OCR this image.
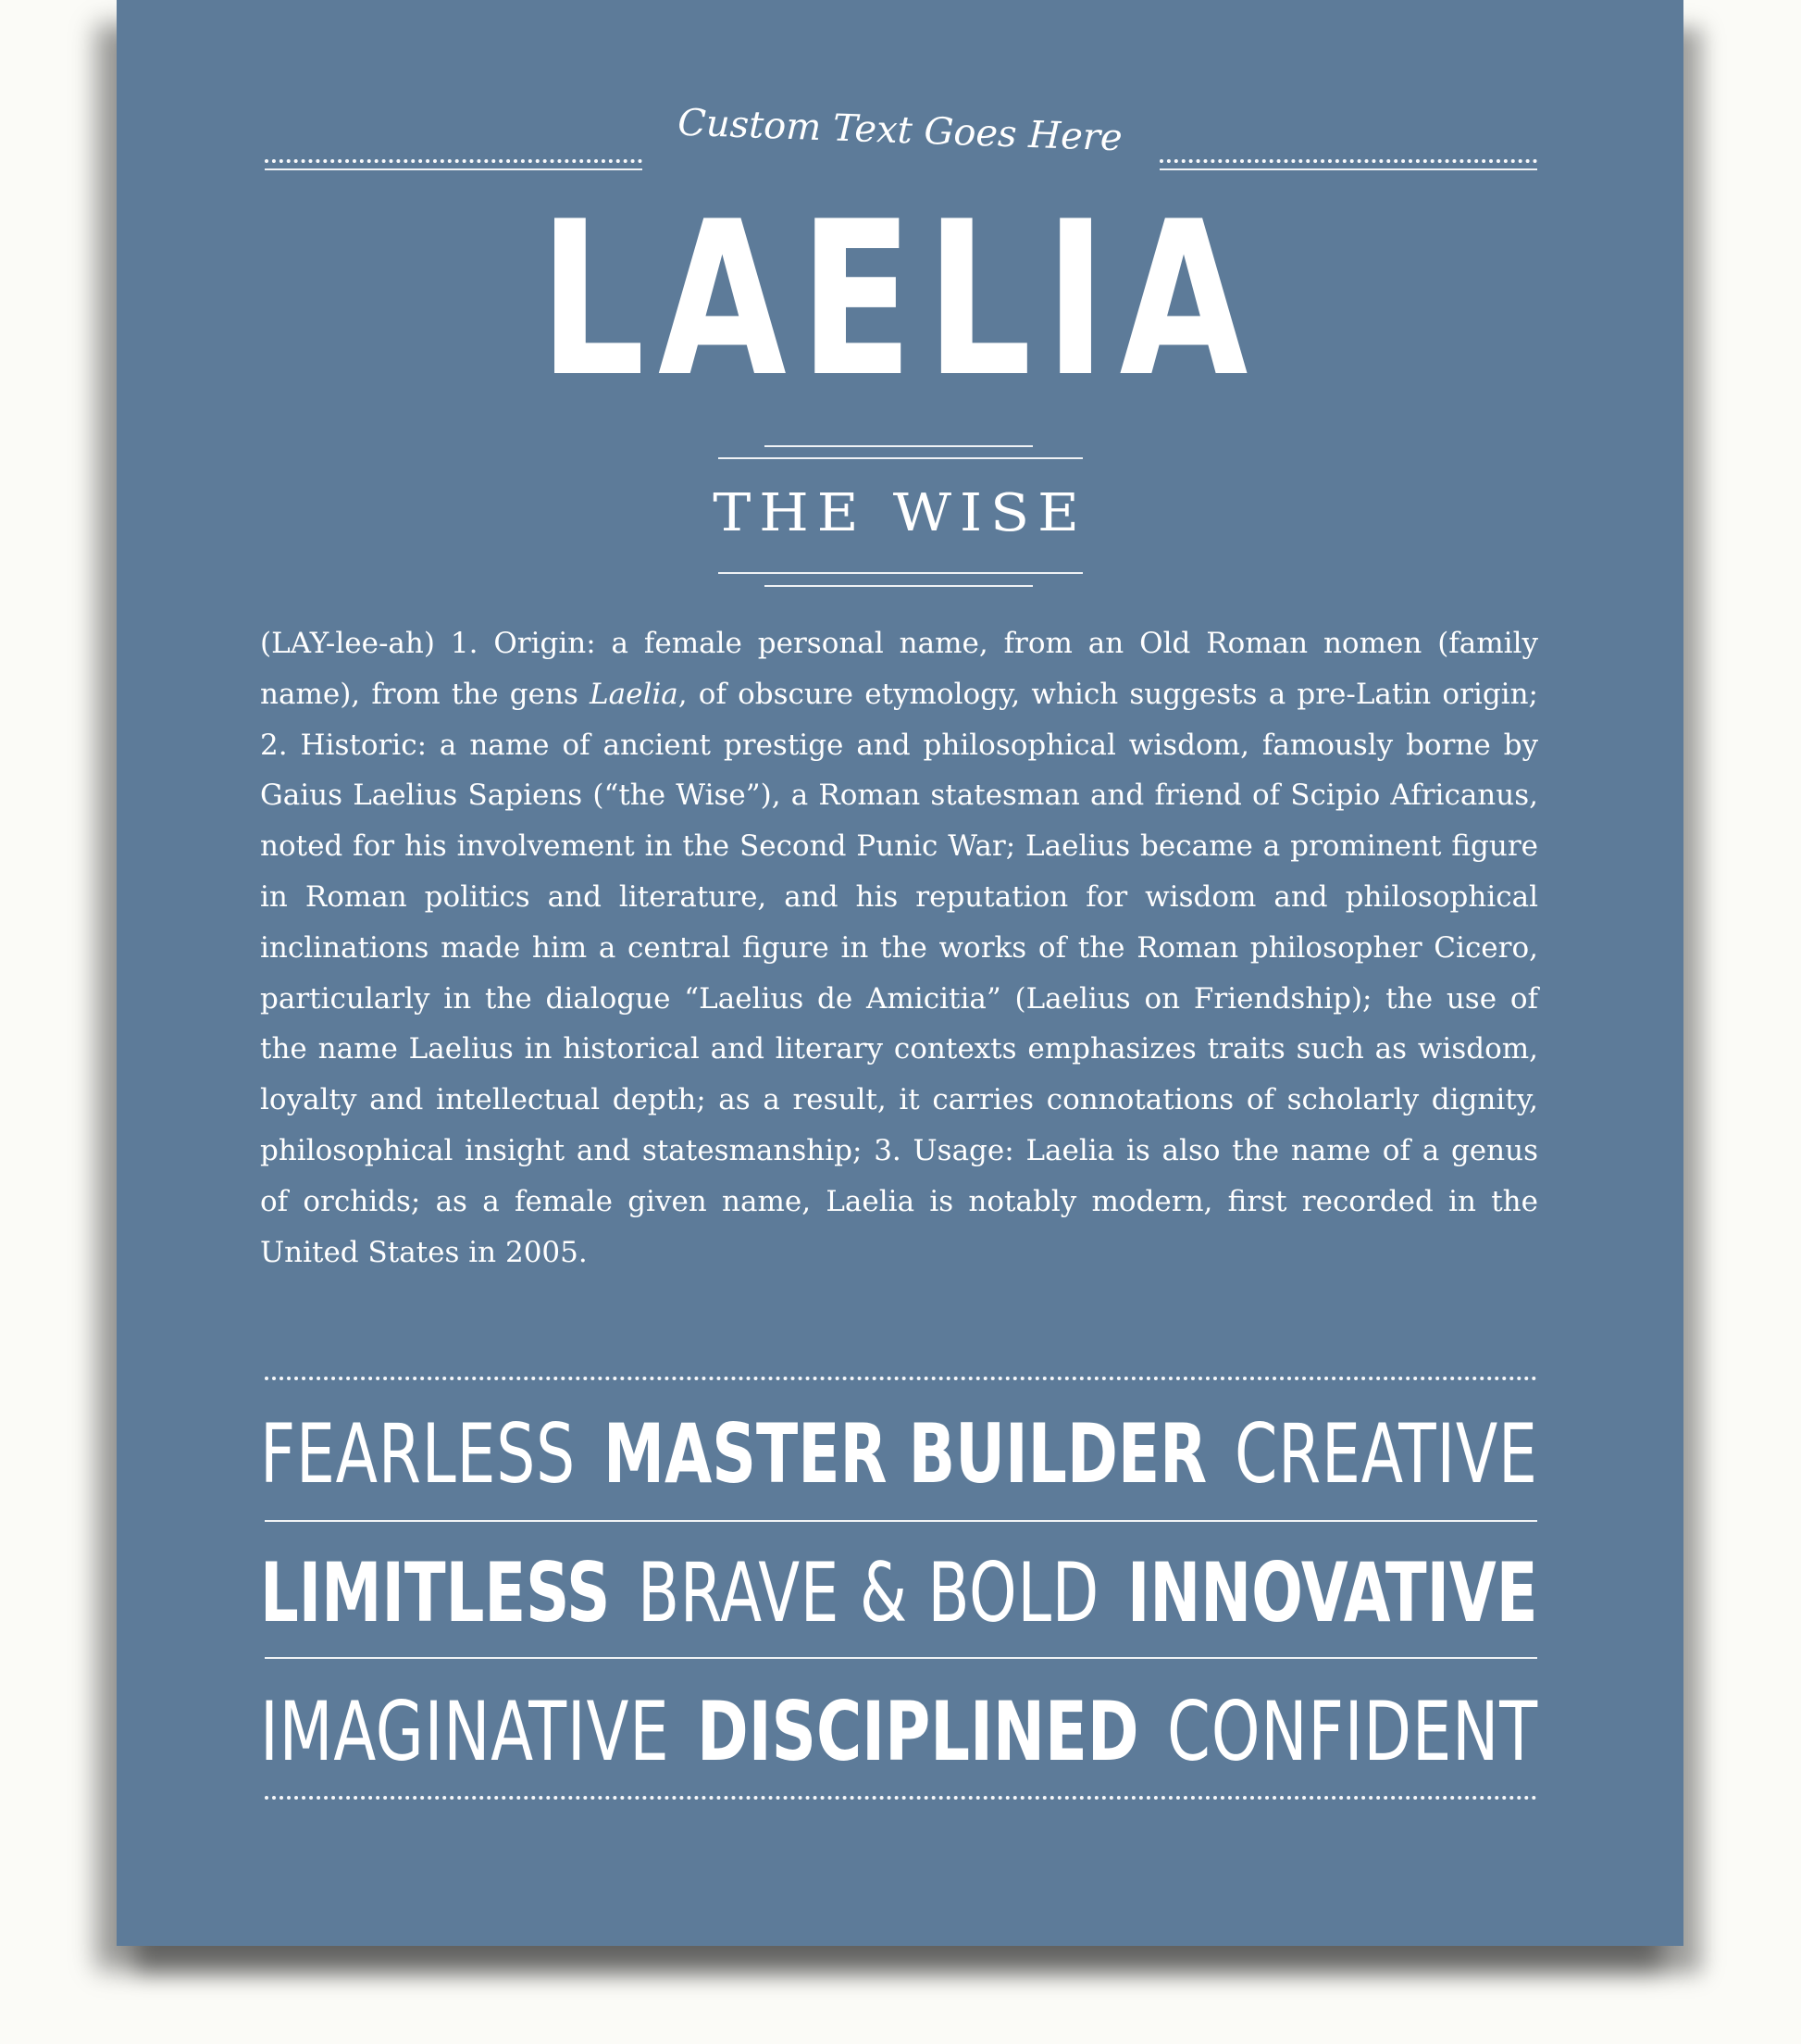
Custom Text Goes Here
LAELIA
THE WISE
(LAY-lee-ah) 1. Origin: a female personal name, from an Old Roman nomen (family name), from the gens Laelia, of obscure etymology, which suggests a pre-Latin origin; 2. Historic: a name of ancient prestige and philosophical wisdom, famously borne by Gaius Laelius Sapiens (“the Wise”), a Roman statesman and friend of Scipio Africanus, noted for his involvement in the Second Punic War; Laelius became a prominent figure in Roman politics and literature, and his reputation for wisdom and philosophical inclinations made him a central figure in the works of the Roman philosopher Cicero, particularly in the dialogue “Laelius de Amicitia” (Laelius on Friendship); the use of the name Laelius in historical and literary contexts emphasizes traits such as wisdom, loyalty and intellectual depth; as a result, it carries connotations of scholarly dignity, philosophical insight and statesmanship; 3. Usage: Laelia is also the name of a genus of orchids; as a female given name, Laelia is notably modern, first recorded in the United States in 2005.
FEARLESS MASTER BUILDER CREATIVE
LIMITLESS BRAVE & BOLD INNOVATIVE
IMAGINATIVE DISCIPLINED CONFIDENT
